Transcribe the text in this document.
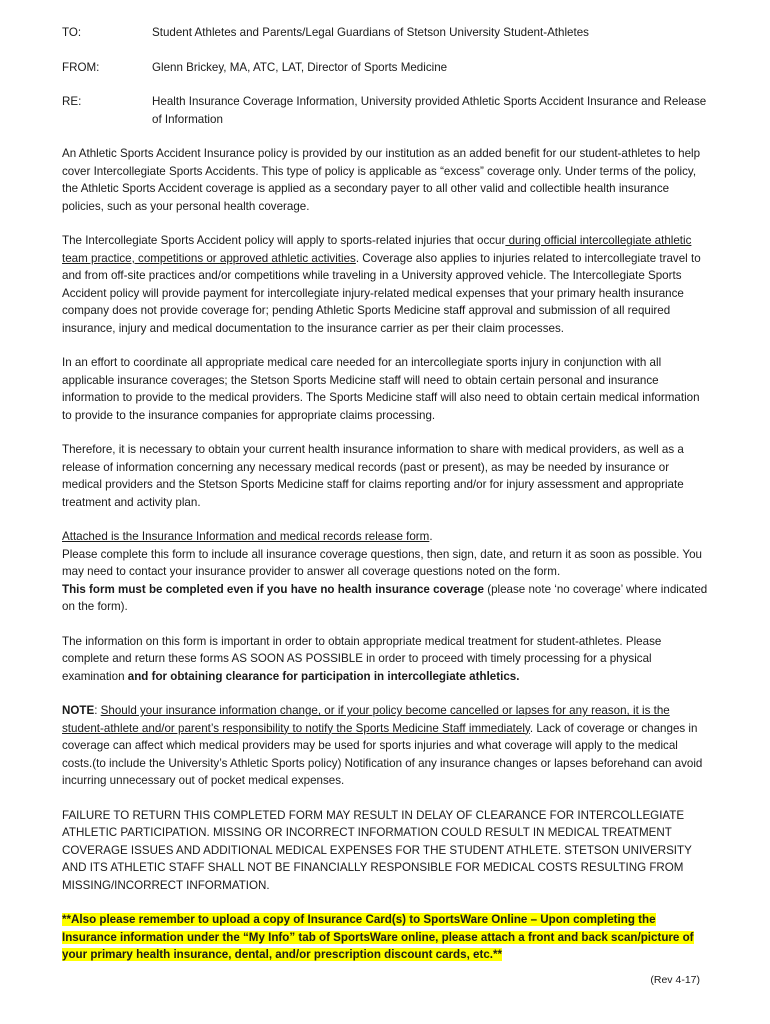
TO:	Student Athletes and Parents/Legal Guardians of Stetson University Student-Athletes
FROM:	Glenn Brickey, MA, ATC, LAT, Director of Sports Medicine
RE:	Health Insurance Coverage Information, University provided Athletic Sports Accident Insurance and Release of Information

An Athletic Sports Accident Insurance policy is provided by our institution as an added benefit for our student-athletes to help cover Intercollegiate Sports Accidents. This type of policy is applicable as “excess” coverage only. Under terms of the policy, the Athletic Sports Accident coverage is applied as a secondary payer to all other valid and collectible health insurance policies, such as your personal health coverage.

The Intercollegiate Sports Accident policy will apply to sports-related injuries that occur during official intercollegiate athletic team practice, competitions or approved athletic activities. Coverage also applies to injuries related to intercollegiate travel to and from off-site practices and/or competitions while traveling in a University approved vehicle. The Intercollegiate Sports Accident policy will provide payment for intercollegiate injury-related medical expenses that your primary health insurance company does not provide coverage for; pending Athletic Sports Medicine staff approval and submission of all required insurance, injury and medical documentation to the insurance carrier as per their claim processes.

In an effort to coordinate all appropriate medical care needed for an intercollegiate sports injury in conjunction with all applicable insurance coverages; the Stetson Sports Medicine staff will need to obtain certain personal and insurance information to provide to the medical providers. The Sports Medicine staff will also need to obtain certain medical information to provide to the insurance companies for appropriate claims processing.

Therefore, it is necessary to obtain your current health insurance information to share with medical providers, as well as a release of information concerning any necessary medical records (past or present), as may be needed by insurance or medical providers and the Stetson Sports Medicine staff for claims reporting and/or for injury assessment and appropriate treatment and activity plan.

Attached is the Insurance Information and medical records release form.
Please complete this form to include all insurance coverage questions, then sign, date, and return it as soon as possible. You may need to contact your insurance provider to answer all coverage questions noted on the form.
This form must be completed even if you have no health insurance coverage (please note ‘no coverage’ where indicated on the form).

The information on this form is important in order to obtain appropriate medical treatment for student-athletes. Please complete and return these forms AS SOON AS POSSIBLE in order to proceed with timely processing for a physical examination and for obtaining clearance for participation in intercollegiate athletics.

NOTE: Should your insurance information change, or if your policy become cancelled or lapses for any reason, it is the student-athlete and/or parent’s responsibility to notify the Sports Medicine Staff immediately. Lack of coverage or changes in coverage can affect which medical providers may be used for sports injuries and what coverage will apply to the medical costs.(to include the University’s Athletic Sports policy) Notification of any insurance changes or lapses beforehand can avoid incurring unnecessary out of pocket medical expenses.

FAILURE TO RETURN THIS COMPLETED FORM MAY RESULT IN DELAY OF CLEARANCE FOR INTERCOLLEGIATE ATHLETIC PARTICIPATION. MISSING OR INCORRECT INFORMATION COULD RESULT IN MEDICAL TREATMENT COVERAGE ISSUES AND ADDITIONAL MEDICAL EXPENSES FOR THE STUDENT ATHLETE. STETSON UNIVERSITY AND ITS ATHLETIC STAFF SHALL NOT BE FINANCIALLY RESPONSIBLE FOR MEDICAL COSTS RESULTING FROM MISSING/INCORRECT INFORMATION.

**Also please remember to upload a copy of Insurance Card(s) to SportsWare Online – Upon completing the Insurance information under the “My Info” tab of SportsWare online, please attach a front and back scan/picture of your primary health insurance, dental, and/or prescription discount cards, etc.**

(Rev 4-17)
